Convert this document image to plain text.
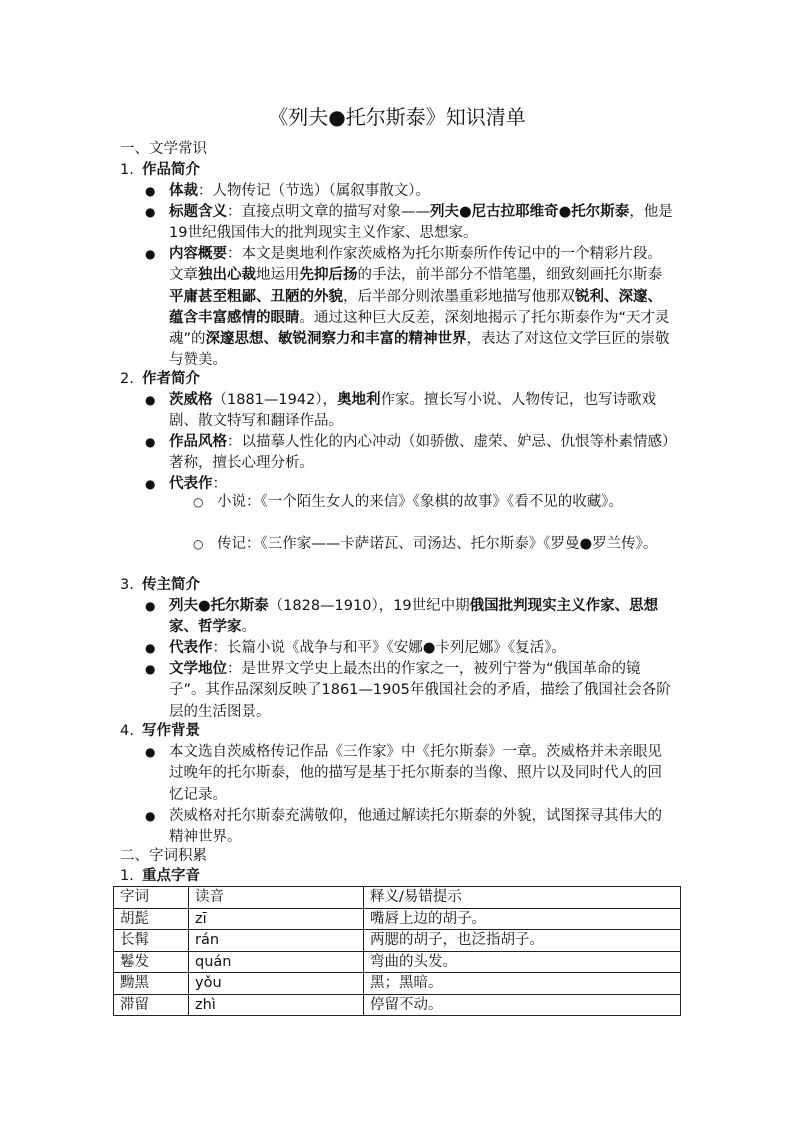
《列夫●托尔斯泰》知识清单
一、文学常识
1. 作品简介
● 体裁：人物传记（节选）（属叙事散文）。
● 标题含义：直接点明文章的描写对象——列夫●尼古拉耶维奇●托尔斯泰，他是19世纪俄国伟大的批判现实主义作家、思想家。
● 内容概要：本文是奥地利作家茨威格为托尔斯泰所作传记中的一个精彩片段。文章独出心裁地运用先抑后扬的手法，前半部分不惜笔墨，细致刻画托尔斯泰平庸甚至粗鄙、丑陋的外貌，后半部分则浓墨重彩地描写他那双锐利、深邃、蕴含丰富感情的眼睛。通过这种巨大反差，深刻地揭示了托尔斯泰作为“天才灵魂”的深邃思想、敏锐洞察力和丰富的精神世界，表达了对这位文学巨匠的崇敬与赞美。
2. 作者简介
● 茨威格（1881—1942），奥地利作家。擅长写小说、人物传记，也写诗歌戏剧、散文特写和翻译作品。
● 作品风格：以描摹人性化的内心冲动（如骄傲、虚荣、妒忌、仇恨等朴素情感）著称，擅长心理分析。
● 代表作：
○ 小说：《一个陌生女人的来信》《象棋的故事》《看不见的收藏》。
○ 传记：《三作家——卡萨诺瓦、司汤达、托尔斯泰》《罗曼●罗兰传》。
3. 传主简介
● 列夫●托尔斯泰（1828—1910），19世纪中期俄国批判现实主义作家、思想家、哲学家。
● 代表作：长篇小说《战争与和平》《安娜●卡列尼娜》《复活》。
● 文学地位：是世界文学史上最杰出的作家之一，被列宁誉为“俄国革命的镜子”。其作品深刻反映了1861—1905年俄国社会的矛盾，描绘了俄国社会各阶层的生活图景。
4. 写作背景
● 本文选自茨威格传记作品《三作家》中《托尔斯泰》一章。茨威格并未亲眼见过晚年的托尔斯泰，他的描写是基于托尔斯泰的当像、照片以及同时代人的回忆记录。
● 茨威格对托尔斯泰充满敬仰，他通过解读托尔斯泰的外貌，试图探寻其伟大的精神世界。
二、字词积累
1. 重点字音
字词	读音	释义/易错提示
胡髭	zī	嘴唇上边的胡子。
长髯	rán	两腮的胡子，也泛指胡子。
鬈发	quán	弯曲的头发。
黝黑	yǒu	黑；黑暗。
滞留	zhì	停留不动。
